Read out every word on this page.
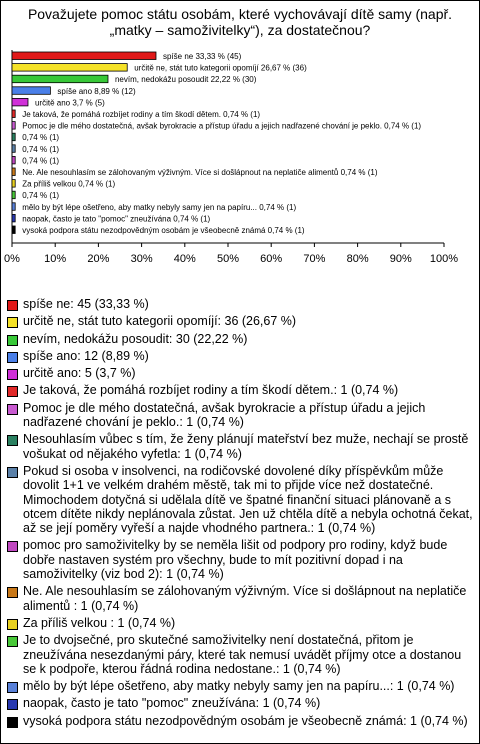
Považujete pomoc státu osobám, které vychovávají dítě samy (např.
„matky – samoživitelky“), za dostatečnou?
0% 10% 20% 30% 40% 50% 60% 70% 80% 90% 100%
spíše ne 33,33 % (45)
určitě ne, stát tuto kategorii opomíjí 26,67 % (36)
nevím, nedokážu posoudit 22,22 % (30)
spíše ano 8,89 % (12)
určitě ano 3,7 % (5)
Je taková, že pomáhá rozbíjet rodiny a tím škodí dětem. 0,74 % (1)
Pomoc je dle mého dostatečná, avšak byrokracie a přístup úřadu a jejich nadřazené chování je peklo. 0,74 % (1)
0,74 % (1)
0,74 % (1)
0,74 % (1)
Ne. Ale nesouhlasím se zálohovaným výživným. Více si došlápnout na neplatiče alimentů 0,74 % (1)
Za příliš velkou 0,74 % (1)
0,74 % (1)
mělo by být lépe ošetřeno, aby matky nebyly samy jen na papíru... 0,74 % (1)
naopak, často je tato "pomoc" zneužívána 0,74 % (1)
vysoká podpora státu nezodpovědným osobám je všeobecně známá 0,74 % (1)
spíše ne: 45 (33,33 %)
určitě ne, stát tuto kategorii opomíjí: 36 (26,67 %)
nevím, nedokážu posoudit: 30 (22,22 %)
spíše ano: 12 (8,89 %)
určitě ano: 5 (3,7 %)
Je taková, že pomáhá rozbíjet rodiny a tím škodí dětem.: 1 (0,74 %)
Pomoc je dle mého dostatečná, avšak byrokracie a přístup úřadu a jejich nadřazené chování je peklo.: 1 (0,74 %)
Nesouhlasím vůbec s tím, že ženy plánují mateřství bez muže, nechají se prostě vošukat od nějakého vyfetla: 1 (0,74 %)
Pokud si osoba v insolvenci, na rodičovské dovolené díky příspěvkům může dovolit 1+1 ve velkém drahém městě, tak mi to přijde více než dostatečné. Mimochodem dotyčná si udělala dítě ve špatné finanční situaci plánovaně a s otcem dítěte nikdy neplánovala zůstat. Jen už chtěla dítě a nebyla ochotná čekat, až se její poměry vyřeší a najde vhodného partnera.: 1 (0,74 %)
pomoc pro samoživitelky by se neměla lišit od podpory pro rodiny, když bude dobře nastaven systém pro všechny, bude to mít pozitivní dopad i na samoživitelky (viz bod 2): 1 (0,74 %)
Ne. Ale nesouhlasím se zálohovaným výživným. Více si došlápnout na neplatiče alimentů : 1 (0,74 %)
Za příliš velkou : 1 (0,74 %)
Je to dvojsečné, pro skutečné samoživitelky není dostatečná, přitom je zneužívána nesezdanými páry, které tak nemusí uvádět příjmy otce a dostanou se k podpoře, kterou řádná rodina nedostane.: 1 (0,74 %)
mělo by být lépe ošetřeno, aby matky nebyly samy jen na papíru...: 1 (0,74 %)
naopak, často je tato "pomoc" zneužívána: 1 (0,74 %)
vysoká podpora státu nezodpovědným osobám je všeobecně známá: 1 (0,74 %)
